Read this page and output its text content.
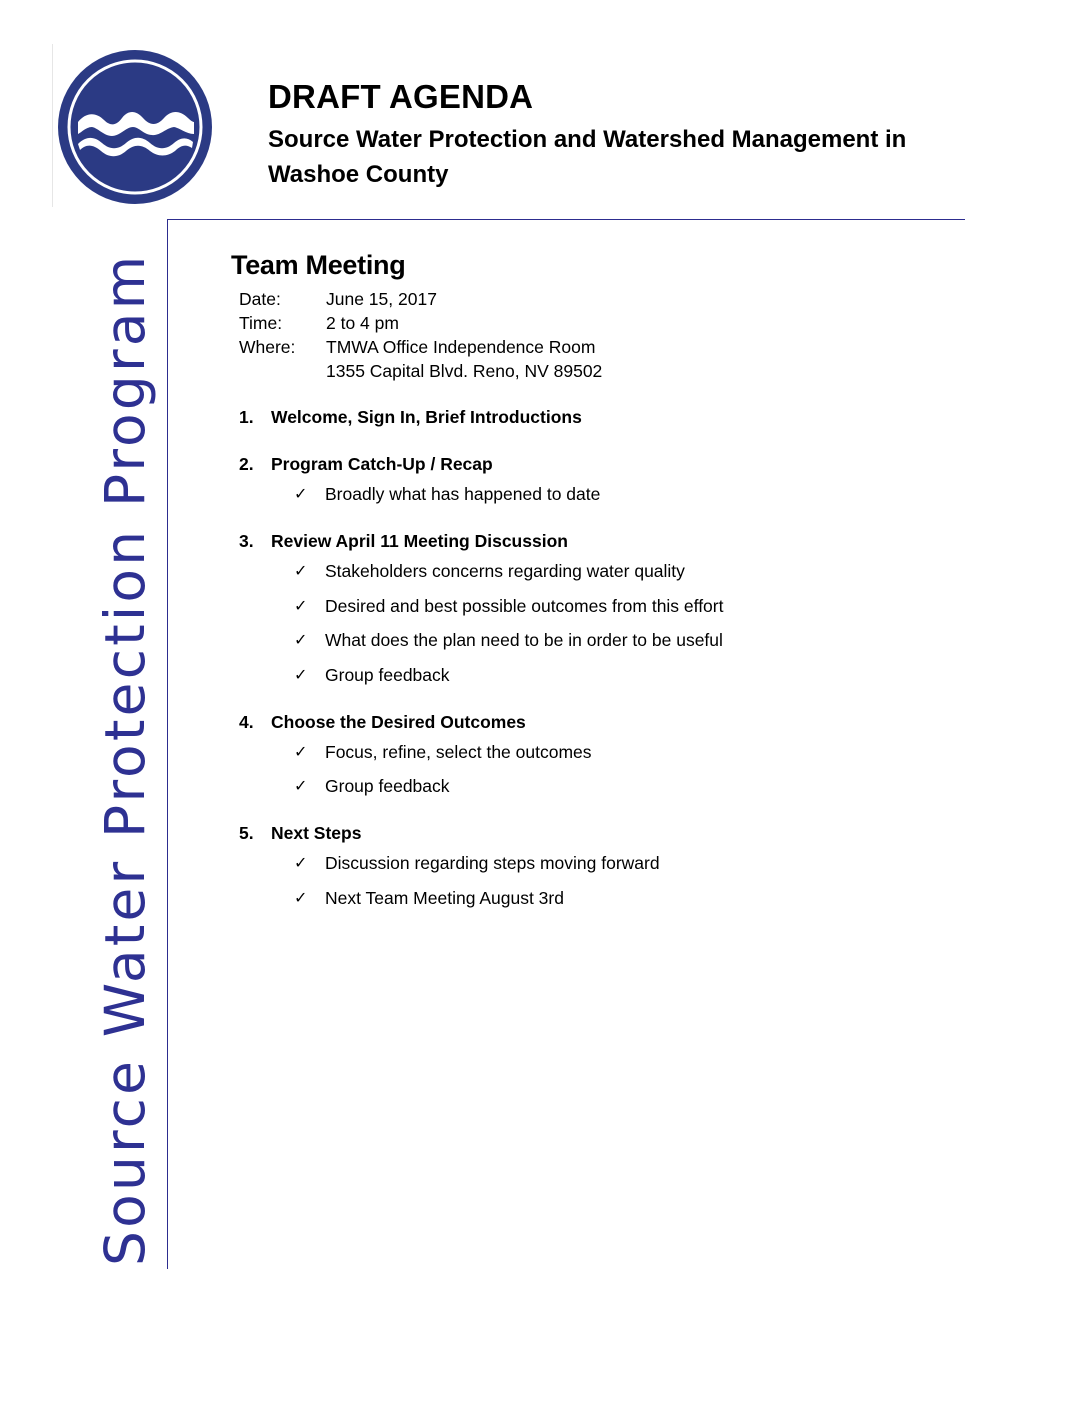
DRAFT AGENDA
Source Water Protection and Watershed Management in Washoe County
Source Water Protection Program	Team Meeting
Date:	June 15, 2017
Time:	2 to 4 pm
Where:	TMWA Office Independence Room
1355 Capital Blvd. Reno, NV 89502
1. Welcome, Sign In, Brief Introductions
2. Program Catch-Up / Recap
✓	Broadly what has happened to date
3. Review April 11 Meeting Discussion
✓	Stakeholders concerns regarding water quality
✓	Desired and best possible outcomes from this effort
✓	What does the plan need to be in order to be useful
✓	Group feedback
4. Choose the Desired Outcomes
✓	Focus, refine, select the outcomes
✓	Group feedback
5. Next Steps
✓	Discussion regarding steps moving forward
✓	Next Team Meeting August 3rd
